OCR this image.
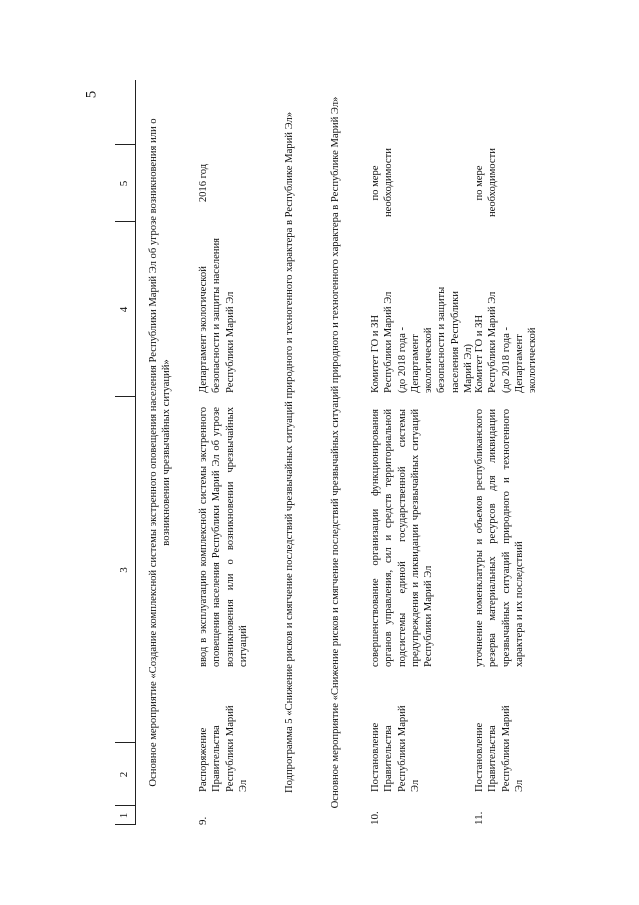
5
1
2
3
4
5 Основное мероприятие «Создание комплексной системы экстренного оповещения населения Республики Марий Эл об угрозе возникновения или о возникновении чрезвычайных ситуаций»
9.
Распоряжение Правительства Республики Марий Эл
ввод в эксплуатацию комплексной системы экстренного оповещения населения Республики Марий Эл об угрозе возникновения или о возникновении чрезвычайных ситуаций
Департамент экологической безопасности и защиты населения Республики Марий Эл
2016 год	Подпрограмма 5 «Снижение рисков и смягчение последствий чрезвычайных ситуаций природного и техногенного характера в Республике Марий Эл»	Основное мероприятие «Снижение рисков и смягчение последствий чрезвычайных ситуаций природного и техногенного характера в Республике Марий Эл»
10.
Постановление Правительства Республики Марий Эл
совершенствование организации функционирования органов управления, сил и средств территориальной подсистемы единой государственной системы предупреждения и ликвидации чрезвычайных ситуаций Республики Марий Эл
Комитет ГО и ЗН Республики Марий Эл (до 2018 года - Департамент экологической безопасности и защиты населения Республики Марий Эл)
по мере необходимости
11.
Постановление Правительства Республики Марий Эл
уточнение номенклатуры и объемов республиканского резерва материальных ресурсов для ликвидации чрезвычайных ситуаций природного и техногенного характера и их последствий
Комитет ГО и ЗН Республики Марий Эл (до 2018 года - Департамент экологической
по мере необходимости
